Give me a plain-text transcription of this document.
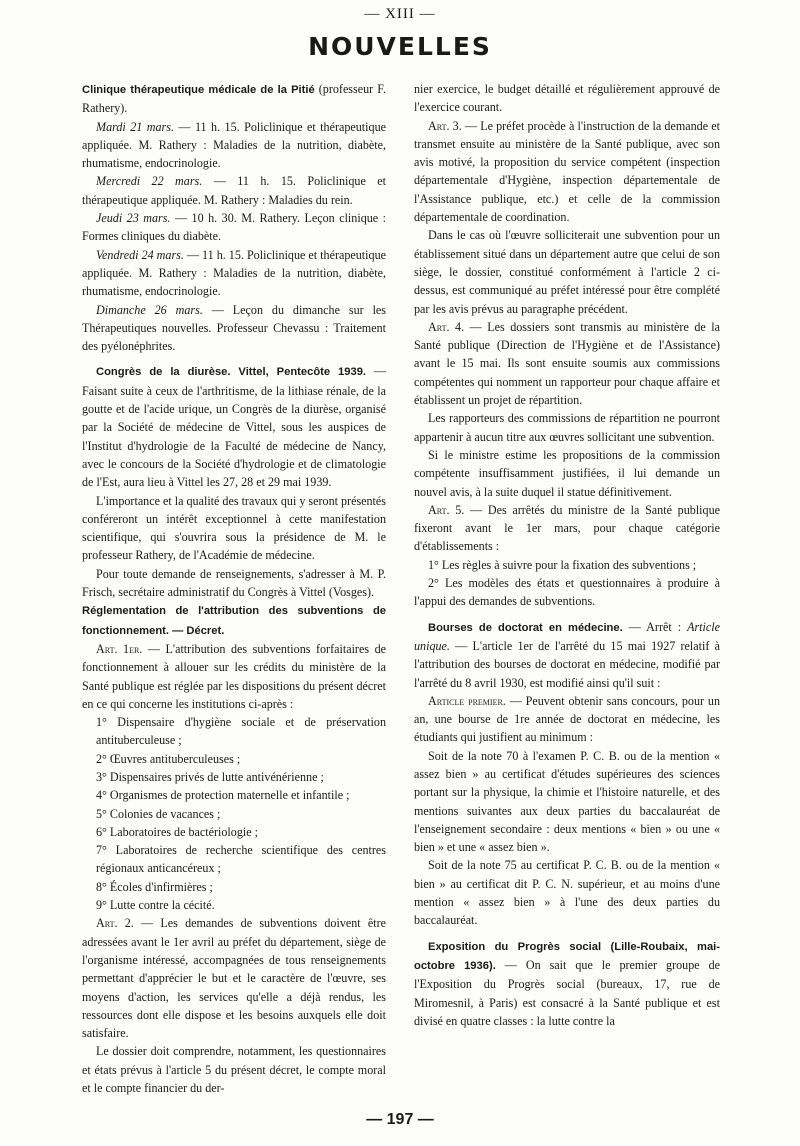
— XIII —
NOUVELLES

Clinique thérapeutique médicale de la Pitié (professeur F. Rathery).

Mardi 21 mars. — 11 h. 15. Policlinique et thérapeutique appliquée. M. Rathery : Maladies de la nutrition, diabète, rhumatisme, endocrinologie.

Mercredi 22 mars. — 11 h. 15. Policlinique et thérapeutique appliquée. M. Rathery : Maladies du rein.

Jeudi 23 mars. — 10 h. 30. M. Rathery. Leçon clinique : Formes cliniques du diabète.

Vendredi 24 mars. — 11 h. 15. Policlinique et thérapeutique appliquée. M. Rathery : Maladies de la nutrition, diabète, rhumatisme, endocrinologie.

Dimanche 26 mars. — Leçon du dimanche sur les Thérapeutiques nouvelles. Professeur Chevassu : Traitement des pyélonéphrites.

Congrès de la diurèse. Vittel, Pentecôte 1939. — Faisant suite à ceux de l'arthritisme, de la lithiase rénale, de la goutte et de l'acide urique, un Congrès de la diurèse, organisé par la Société de médecine de Vittel, sous les auspices de l'Institut d'hydrologie de la Faculté de médecine de Nancy, avec le concours de la Société d'hydrologie et de climatologie de l'Est, aura lieu à Vittel les 27, 28 et 29 mai 1939.

L'importance et la qualité des travaux qui y seront présentés conféreront un intérêt exceptionnel à cette manifestation scientifique, qui s'ouvrira sous la présidence de M. le professeur Rathery, de l'Académie de médecine.

Pour toute demande de renseignements, s'adresser à M. P. Frisch, secrétaire administratif du Congrès à Vittel (Vosges).

Réglementation de l'attribution des subventions de fonctionnement. — Décret.

Art. 1er. — L'attribution des subventions forfaitaires de fonctionnement à allouer sur les crédits du ministère de la Santé publique est réglée par les dispositions du présent décret en ce qui concerne les institutions ci-après :

1° Dispensaire d'hygiène sociale et de préservation antituberculeuse ;

2° Œuvres antituberculeuses ;

3° Dispensaires privés de lutte antivénérienne ;

4° Organismes de protection maternelle et infantile ;

5° Colonies de vacances ;

6° Laboratoires de bactériologie ;

7° Laboratoires de recherche scientifique des centres régionaux anticancéreux ;

8° Écoles d'infirmières ;

9° Lutte contre la cécité.

Art. 2. — Les demandes de subventions doivent être adressées avant le 1er avril au préfet du département, siège de l'organisme intéressé, accompagnées de tous renseignements permettant d'apprécier le but et le caractère de l'œuvre, ses moyens d'action, les services qu'elle a déjà rendus, les ressources dont elle dispose et les besoins auxquels elle doit satisfaire.

Le dossier doit comprendre, notamment, les questionnaires et états prévus à l'article 5 du présent décret, le compte moral et le compte financier du der-

nier exercice, le budget détaillé et régulièrement approuvé de l'exercice courant.

Art. 3. — Le préfet procède à l'instruction de la demande et transmet ensuite au ministère de la Santé publique, avec son avis motivé, la proposition du service compétent (inspection départementale d'Hygiène, inspection départementale de l'Assistance publique, etc.) et celle de la commission départementale de coordination.

Dans le cas où l'œuvre solliciterait une subvention pour un établissement situé dans un département autre que celui de son siège, le dossier, constitué conformément à l'article 2 ci-dessus, est communiqué au préfet intéressé pour être complété par les avis prévus au paragraphe précédent.

Art. 4. — Les dossiers sont transmis au ministère de la Santé publique (Direction de l'Hygiène et de l'Assistance) avant le 15 mai. Ils sont ensuite soumis aux commissions compétentes qui nomment un rapporteur pour chaque affaire et établissent un projet de répartition.

Les rapporteurs des commissions de répartition ne pourront appartenir à aucun titre aux œuvres sollicitant une subvention.

Si le ministre estime les propositions de la commission compétente insuffisamment justifiées, il lui demande un nouvel avis, à la suite duquel il statue définitivement.

Art. 5. — Des arrêtés du ministre de la Santé publique fixeront avant le 1er mars, pour chaque catégorie d'établissements :

1° Les règles à suivre pour la fixation des subventions ;

2° Les modèles des états et questionnaires à produire à l'appui des demandes de subventions.

Bourses de doctorat en médecine. — Arrêt : Article unique. — L'article 1er de l'arrêté du 15 mai 1927 relatif à l'attribution des bourses de doctorat en médecine, modifié par l'arrêté du 8 avril 1930, est modifié ainsi qu'il suit :

Article premier. — Peuvent obtenir sans concours, pour un an, une bourse de 1re année de doctorat en médecine, les étudiants qui justifient au minimum :

Soit de la note 70 à l'examen P. C. B. ou de la mention « assez bien » au certificat d'études supérieures des sciences portant sur la physique, la chimie et l'histoire naturelle, et des mentions suivantes aux deux parties du baccalauréat de l'enseignement secondaire : deux mentions « bien » ou une « bien » et une « assez bien ».

Soit de la note 75 au certificat P. C. B. ou de la mention « bien » au certificat dit P. C. N. supérieur, et au moins d'une mention « assez bien » à l'une des deux parties du baccalauréat.

Exposition du Progrès social (Lille-Roubaix, mai-octobre 1936). — On sait que le premier groupe de l'Exposition du Progrès social (bureaux, 17, rue de Miromesnil, à Paris) est consacré à la Santé publique et est divisé en quatre classes : la lutte contre la

— 197 —
